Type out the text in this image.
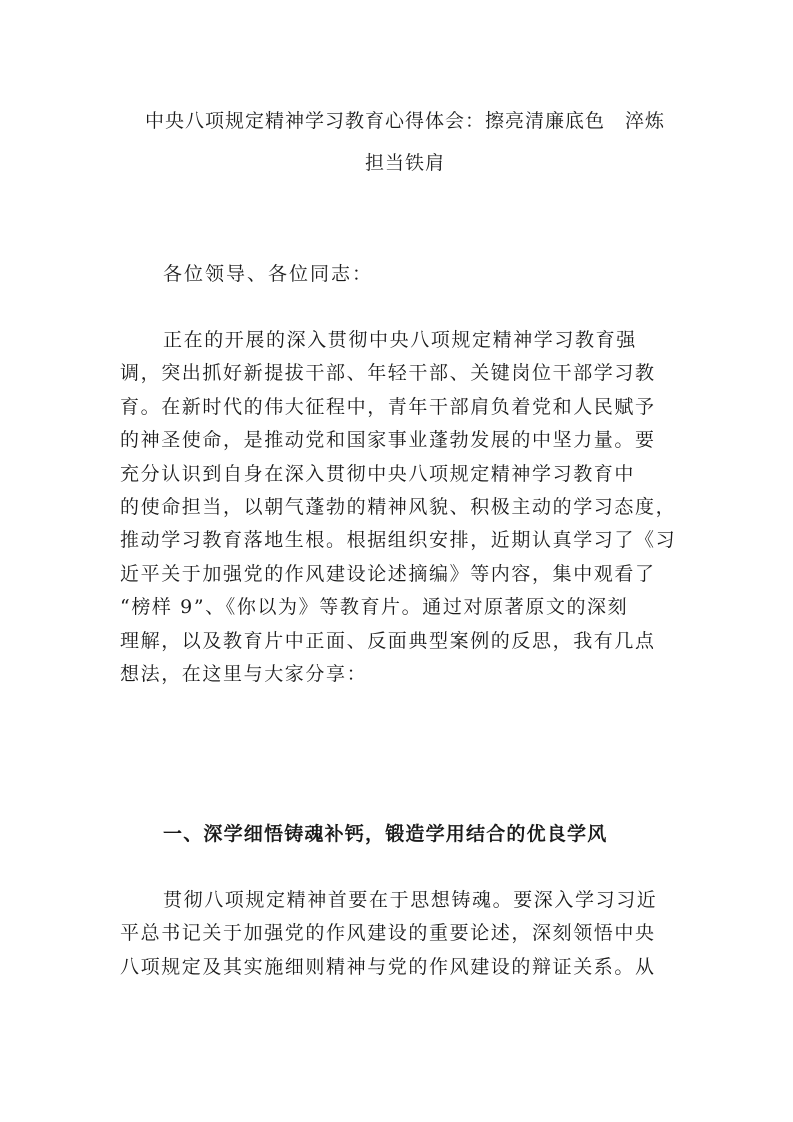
中央八项规定精神学习教育心得体会：擦亮清廉底色　淬炼
担当铁肩
各位领导、各位同志：
正在的开展的深入贯彻中央八项规定精神学习教育强
调，突出抓好新提拔干部、年轻干部、关键岗位干部学习教
育。在新时代的伟大征程中，青年干部肩负着党和人民赋予
的神圣使命，是推动党和国家事业蓬勃发展的中坚力量。要
充分认识到自身在深入贯彻中央八项规定精神学习教育中
的使命担当，以朝气蓬勃的精神风貌、积极主动的学习态度，
推动学习教育落地生根。根据组织安排，近期认真学习了《习
近平关于加强党的作风建设论述摘编》等内容，集中观看了
“榜样 9”、《你以为》等教育片。通过对原著原文的深刻
理解，以及教育片中正面、反面典型案例的反思，我有几点
想法，在这里与大家分享：
一、深学细悟铸魂补钙，锻造学用结合的优良学风
贯彻八项规定精神首要在于思想铸魂。要深入学习习近
平总书记关于加强党的作风建设的重要论述，深刻领悟中央
八项规定及其实施细则精神与党的作风建设的辩证关系。从
